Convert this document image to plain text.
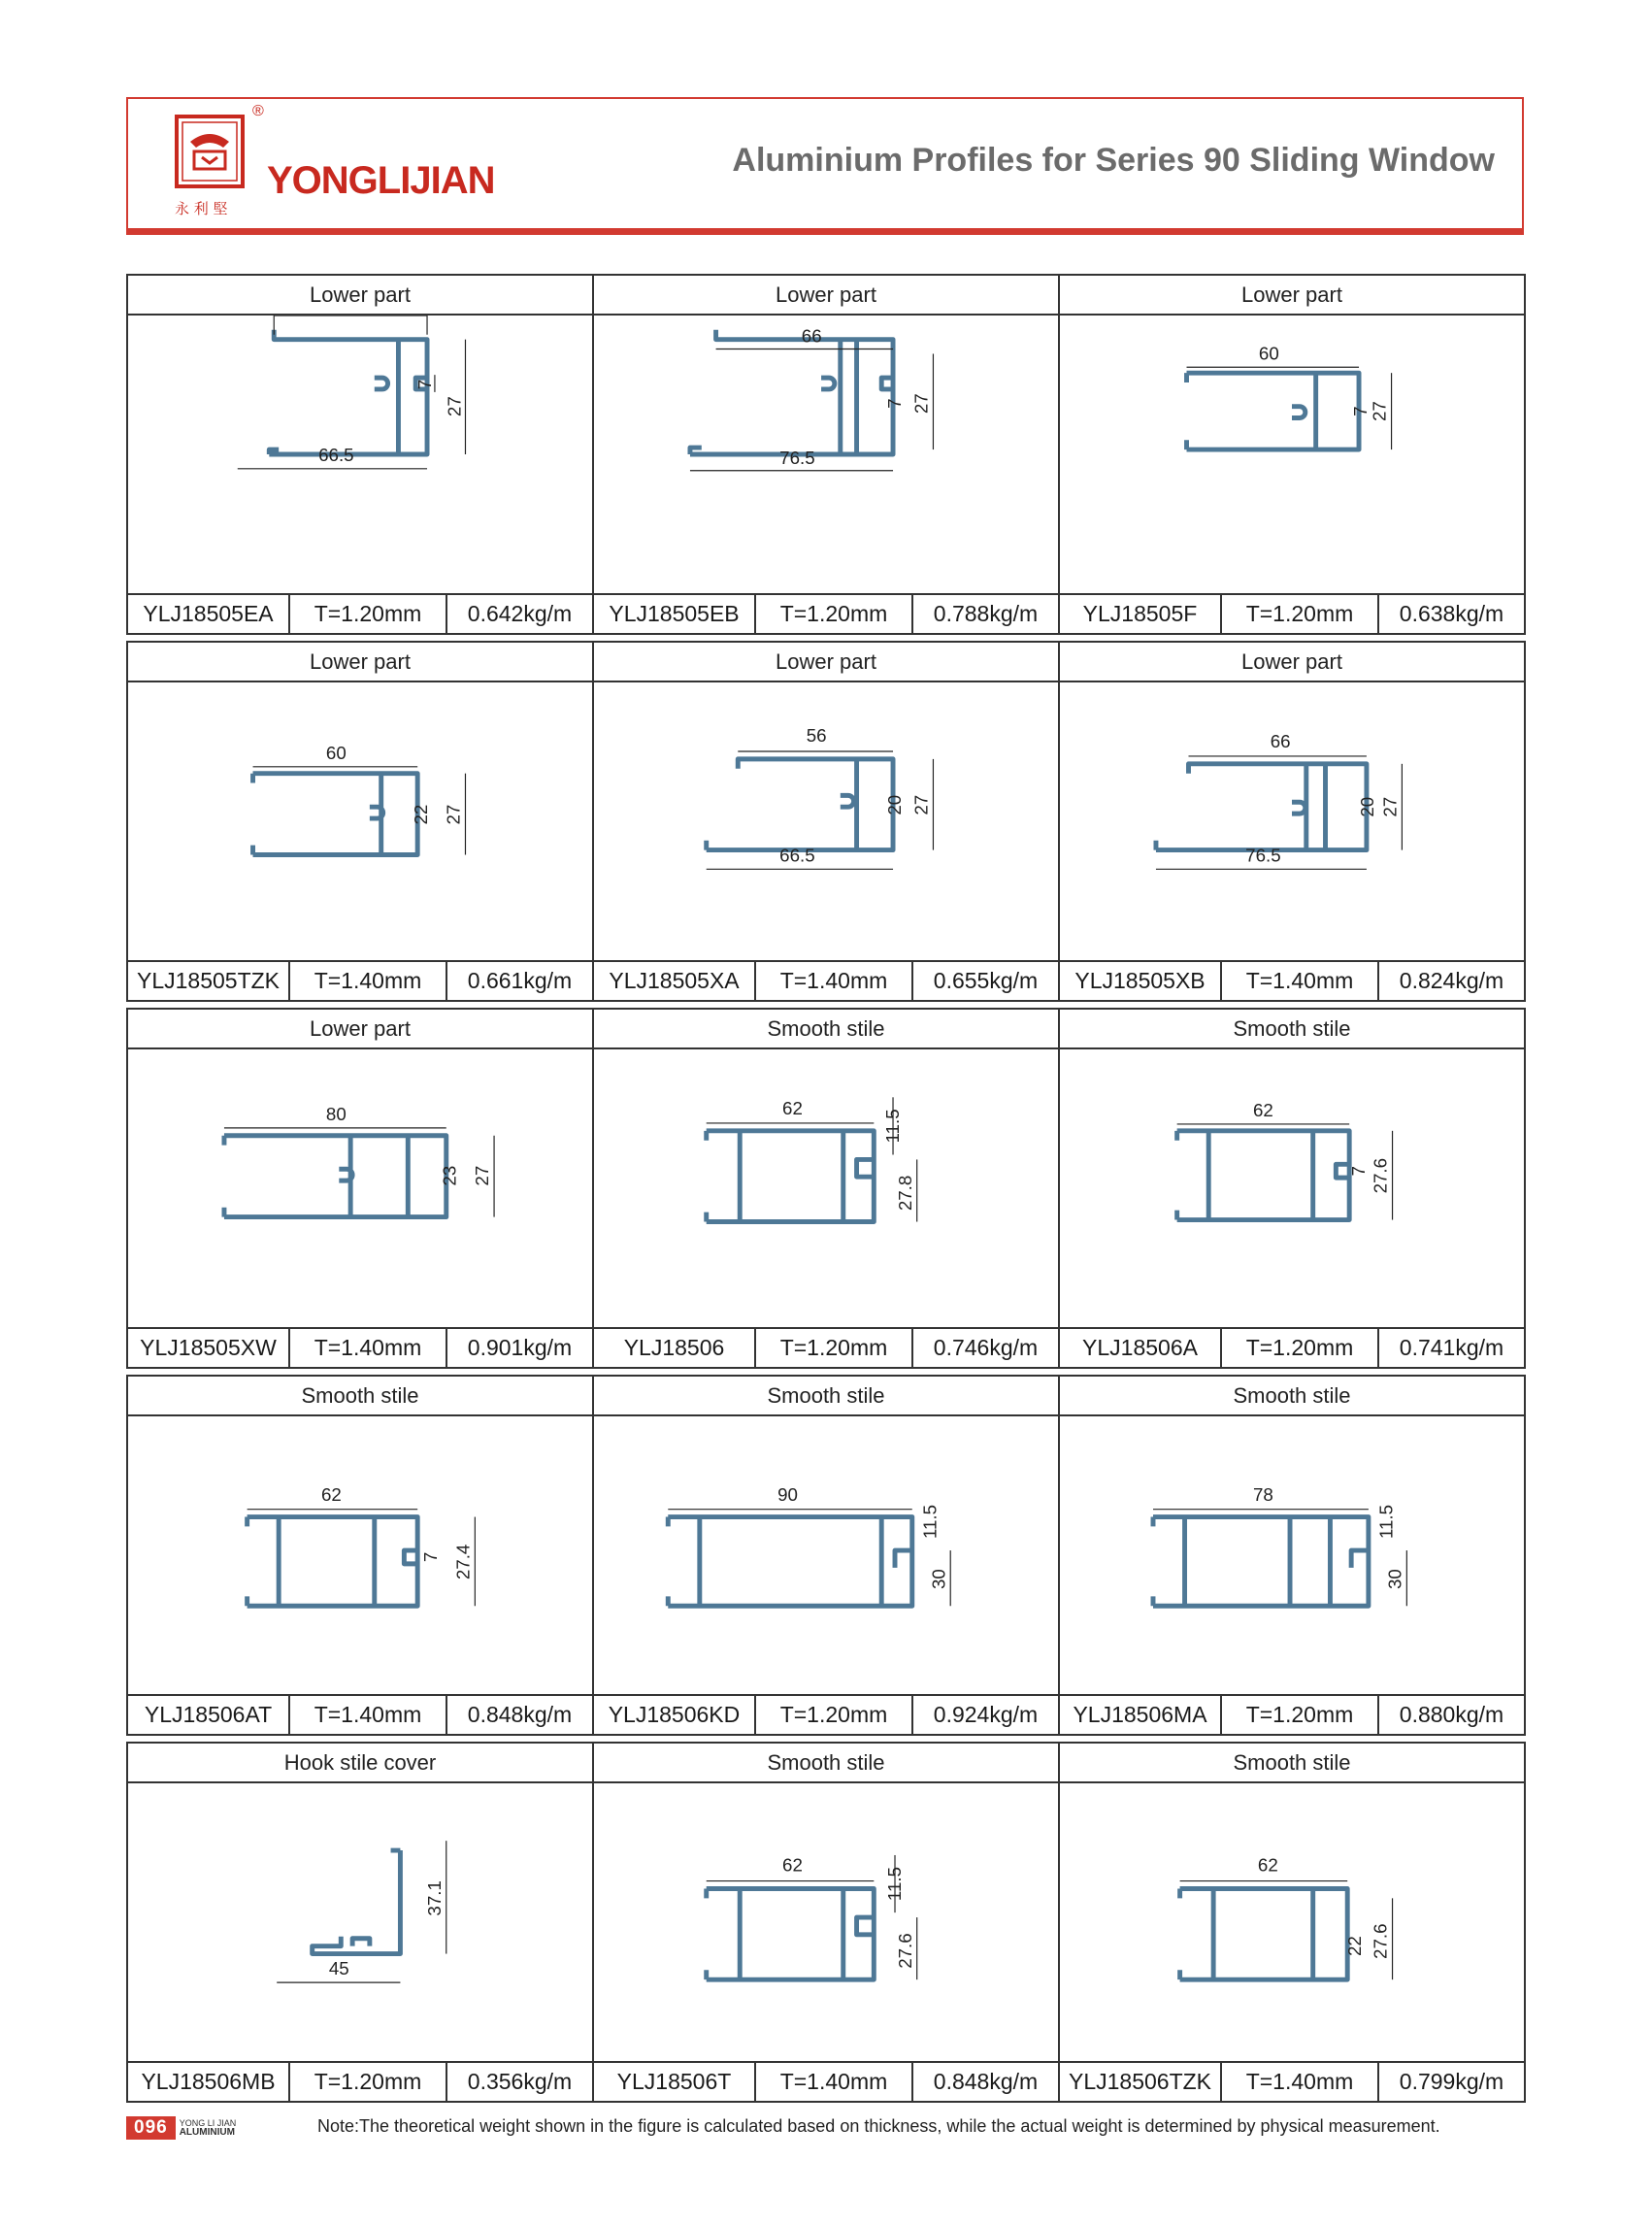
永 利 堅
®
YONGLIJIAN	Aluminium Profiles for Series 90 Sliding Window
Lower part
66.5
27
7
YLJ18505EA	T=1.20mm	0.642kg/m
Lower part
66
76.5
27
7
YLJ18505EB	T=1.20mm	0.788kg/m
Lower part
60
27
7
YLJ18505F	T=1.20mm	0.638kg/m
Lower part
60
27
22
YLJ18505TZK	T=1.40mm	0.661kg/m
Lower part
56
66.5
27
20
YLJ18505XA	T=1.40mm	0.655kg/m
Lower part
66
76.5
27
20
YLJ18505XB	T=1.40mm	0.824kg/m
Lower part
80
27
23
YLJ18505XW	T=1.40mm	0.901kg/m
Smooth stile
62
27.8
11.5
YLJ18506	T=1.20mm	0.746kg/m
Smooth stile
62
27.6
7
YLJ18506A	T=1.20mm	0.741kg/m
Smooth stile
62
27.4
7
YLJ18506AT	T=1.40mm	0.848kg/m
Smooth stile
90
30
11.5
YLJ18506KD	T=1.20mm	0.924kg/m
Smooth stile
78
30
11.5
YLJ18506MA	T=1.20mm	0.880kg/m
Hook stile cover
45
37.1
YLJ18506MB	T=1.20mm	0.356kg/m
Smooth stile
62
27.6
11.5
YLJ18506T	T=1.40mm	0.848kg/m
Smooth stile
62
27.6
22
YLJ18506TZK	T=1.40mm	0.799kg/m
096	YONG LI JIAN
ALUMINIUM	Note:The theoretical weight shown in the figure is calculated based on thickness, while the actual weight is determined by physical measurement.
